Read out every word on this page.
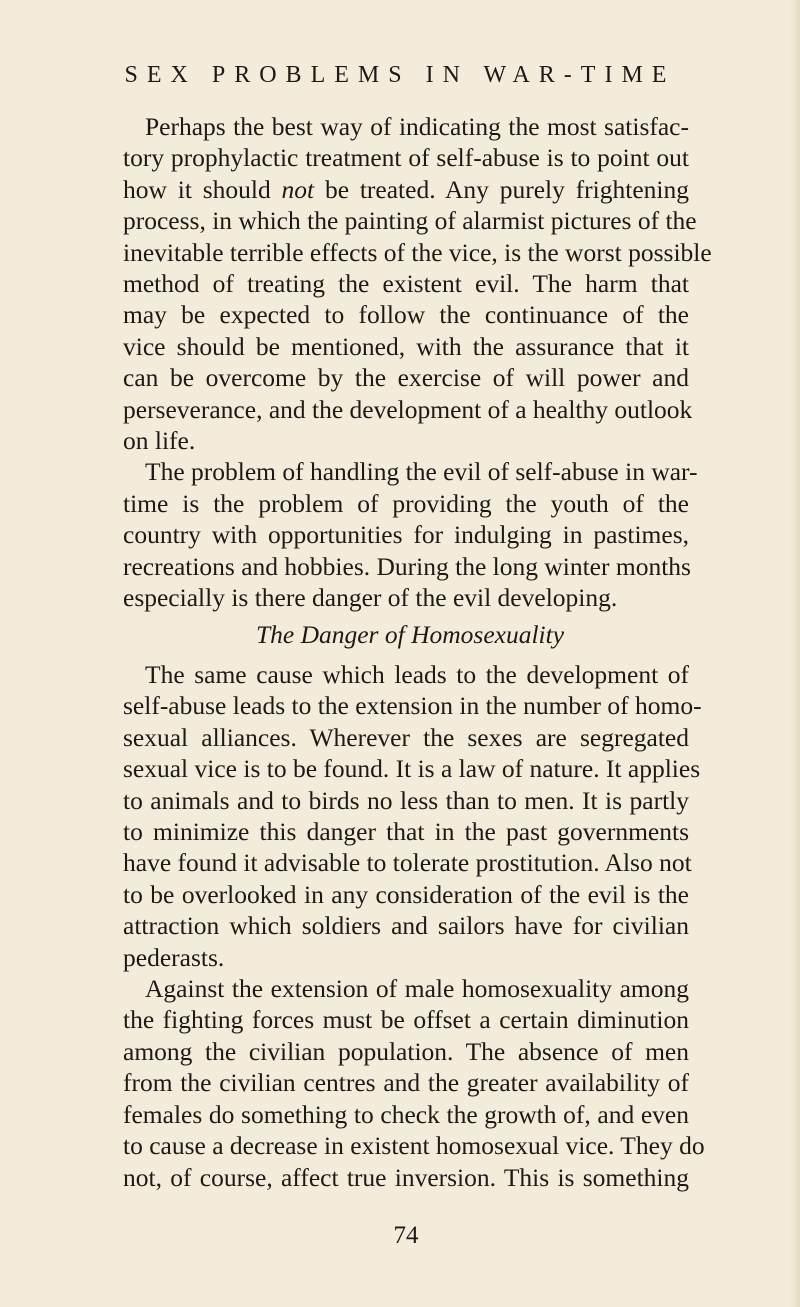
SEX PROBLEMS IN WAR-TIME
Perhaps the best way of indicating the most satisfac-
tory prophylactic treatment of self-abuse is to point out
how it should not be treated. Any purely frightening
process, in which the painting of alarmist pictures of the
inevitable terrible effects of the vice, is the worst possible
method of treating the existent evil. The harm that
may be expected to follow the continuance of the
vice should be mentioned, with the assurance that it
can be overcome by the exercise of will power and
perseverance, and the development of a healthy outlook
on life.
The problem of handling the evil of self-abuse in war-
time is the problem of providing the youth of the
country with opportunities for indulging in pastimes,
recreations and hobbies. During the long winter months
especially is there danger of the evil developing.
The Danger of Homosexuality
The same cause which leads to the development of
self-abuse leads to the extension in the number of homo-
sexual alliances. Wherever the sexes are segregated
sexual vice is to be found. It is a law of nature. It applies
to animals and to birds no less than to men. It is partly
to minimize this danger that in the past governments
have found it advisable to tolerate prostitution. Also not
to be overlooked in any consideration of the evil is the
attraction which soldiers and sailors have for civilian
pederasts.
Against the extension of male homosexuality among
the fighting forces must be offset a certain diminution
among the civilian population. The absence of men
from the civilian centres and the greater availability of
females do something to check the growth of, and even
to cause a decrease in existent homosexual vice. They do
not, of course, affect true inversion. This is something
74
